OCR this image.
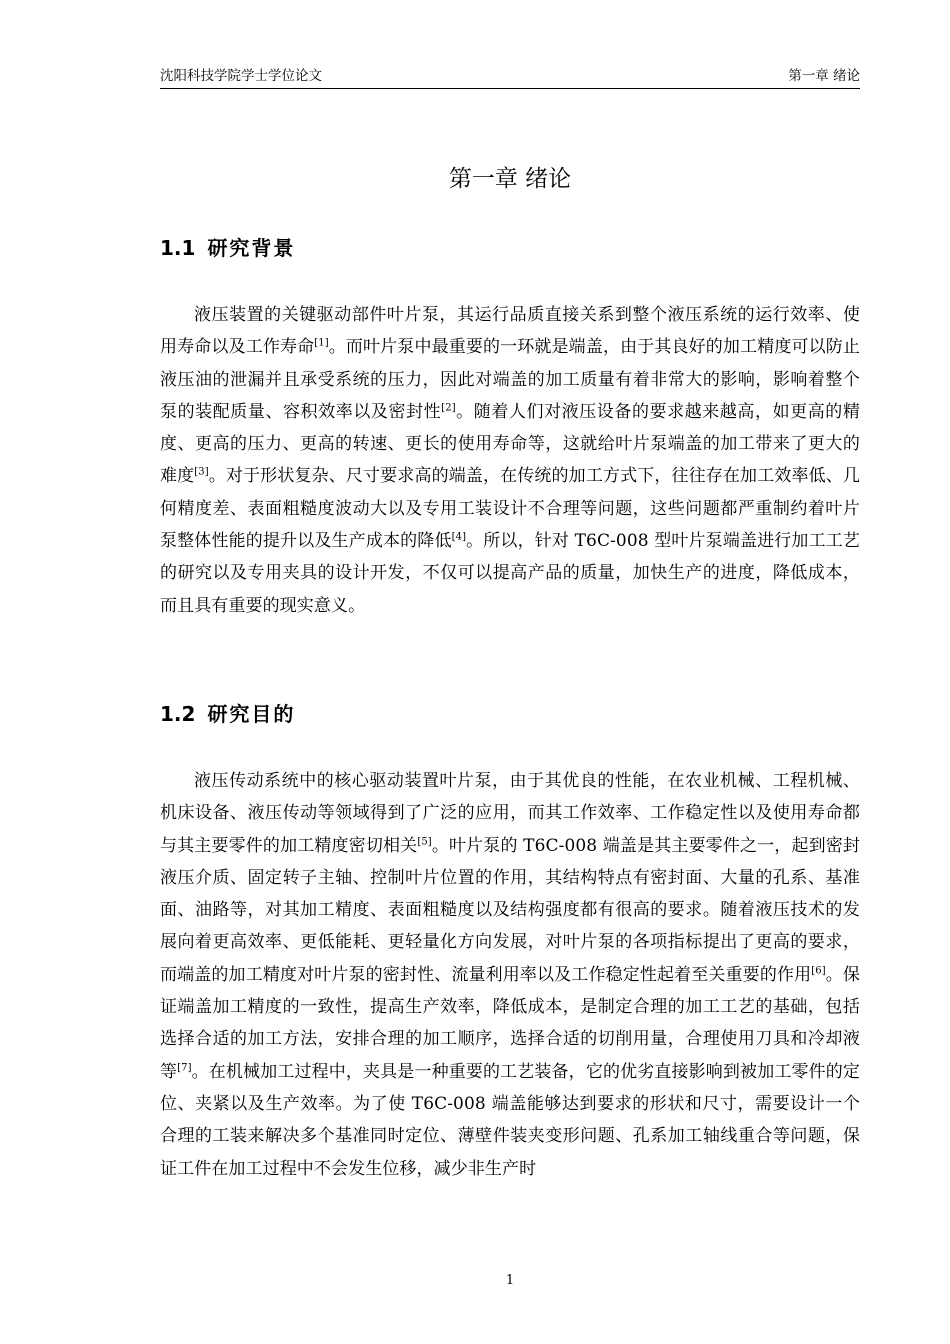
沈阳科技学院学士学位论文	第一章 绪论
第一章 绪论
1.1 研究背景

液压装置的关键驱动部件叶片泵，其运行品质直接关系到整个液压系统的运行效率、使用寿命以及工作寿命[1]。而叶片泵中最重要的一环就是端盖，由于其良好的加工精度可以防止液压油的泄漏并且承受系统的压力，因此对端盖的加工质量有着非常大的影响，影响着整个泵的装配质量、容积效率以及密封性[2]。随着人们对液压设备的要求越来越高，如更高的精度、更高的压力、更高的转速、更长的使用寿命等，这就给叶片泵端盖的加工带来了更大的难度[3]。对于形状复杂、尺寸要求高的端盖，在传统的加工方式下，往往存在加工效率低、几何精度差、表面粗糙度波动大以及专用工装设计不合理等问题，这些问题都严重制约着叶片泵整体性能的提升以及生产成本的降低[4]。所以，针对 T6C-008 型叶片泵端盖进行加工工艺的研究以及专用夹具的设计开发，不仅可以提高产品的质量，加快生产的进度，降低成本，而且具有重要的现实意义。

1.2 研究目的

液压传动系统中的核心驱动装置叶片泵，由于其优良的性能，在农业机械、工程机械、机床设备、液压传动等领域得到了广泛的应用，而其工作效率、工作稳定性以及使用寿命都与其主要零件的加工精度密切相关[5]。叶片泵的 T6C-008 端盖是其主要零件之一，起到密封液压介质、固定转子主轴、控制叶片位置的作用，其结构特点有密封面、大量的孔系、基准面、油路等，对其加工精度、表面粗糙度以及结构强度都有很高的要求。随着液压技术的发展向着更高效率、更低能耗、更轻量化方向发展，对叶片泵的各项指标提出了更高的要求，而端盖的加工精度对叶片泵的密封性、流量利用率以及工作稳定性起着至关重要的作用[6]。保证端盖加工精度的一致性，提高生产效率，降低成本，是制定合理的加工工艺的基础，包括选择合适的加工方法，安排合理的加工顺序，选择合适的切削用量，合理使用刀具和冷却液等[7]。在机械加工过程中，夹具是一种重要的工艺装备，它的优劣直接影响到被加工零件的定位、夹紧以及生产效率。为了使 T6C-008 端盖能够达到要求的形状和尺寸，需要设计一个合理的工装来解决多个基准同时定位、薄壁件装夹变形问题、孔系加工轴线重合等问题，保证工件在加工过程中不会发生位移，减少非生产时

1
